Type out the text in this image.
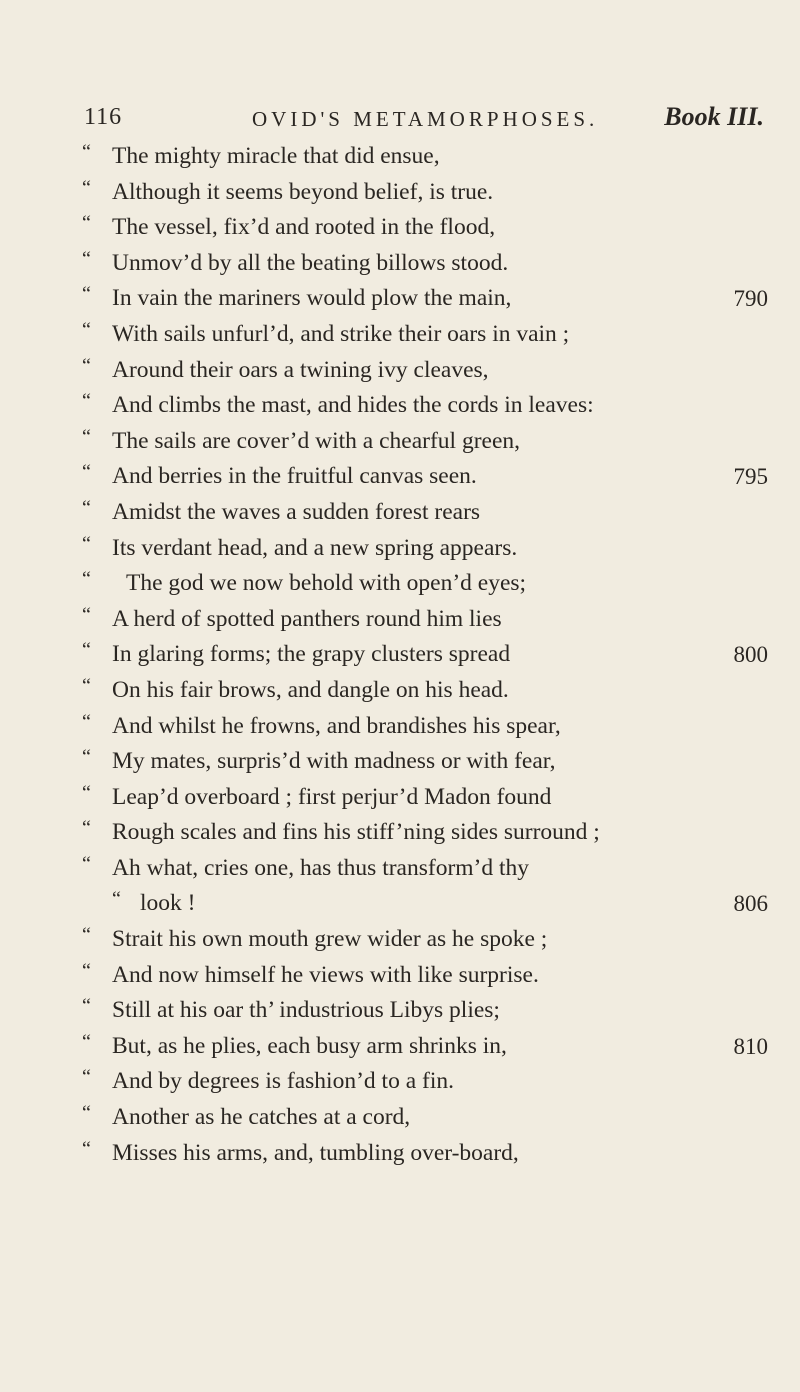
116	OVID'S METAMORPHOSES.	Book III.
“ The mighty miracle that did ensue,
“ Although it seems beyond belief, is true.
“ The vessel, fix’d and rooted in the flood,
“ Unmov’d by all the beating billows stood.
“ In vain the mariners would plow the main,	790
“ With sails unfurl’d, and strike their oars in vain ;
“ Around their oars a twining ivy cleaves,
“ And climbs the mast, and hides the cords in leaves:
“ The sails are cover’d with a chearful green,
“ And berries in the fruitful canvas seen.	795
“ Amidst the waves a sudden forest rears
“ Its verdant head, and a new spring appears.
“ The god we now behold with open’d eyes;
“ A herd of spotted panthers round him lies
“ In glaring forms; the grapy clusters spread	800
“ On his fair brows, and dangle on his head.
“ And whilst he frowns, and brandishes his spear,
“ My mates, surpris’d with madness or with fear,
“ Leap’d overboard ; first perjur’d Madon found
“ Rough scales and fins his stiff’ning sides surround ;
“ Ah what, cries one, has thus transform’d thy
“ look !	806
“ Strait his own mouth grew wider as he spoke ;
“ And now himself he views with like surprise.
“ Still at his oar th’ industrious Libys plies;
“ But, as he plies, each busy arm shrinks in,	810
“ And by degrees is fashion’d to a fin.
“ Another as he catches at a cord,
“ Misses his arms, and, tumbling over-board,
